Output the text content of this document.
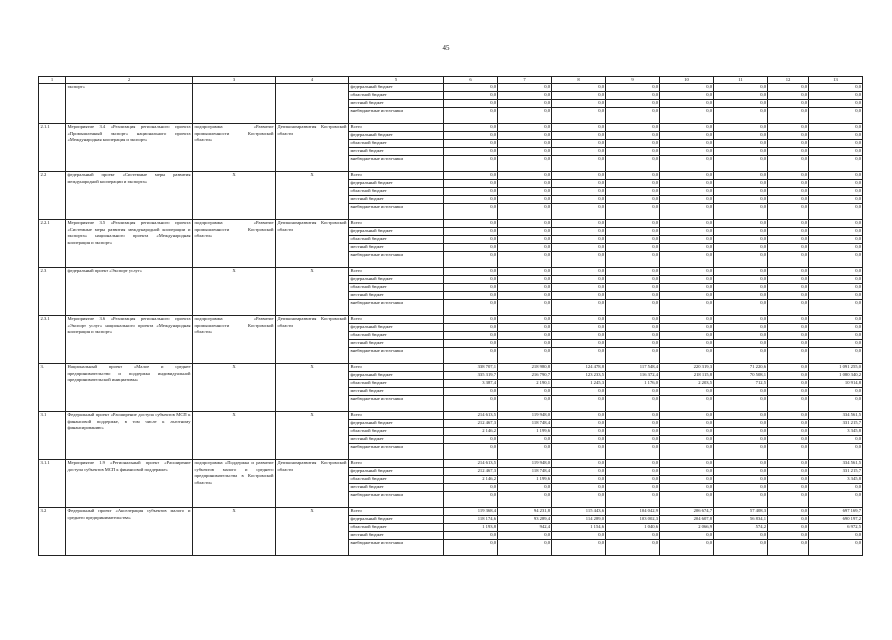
45
1	2	3	4	5	6	7	8	9	10	11	12	13
	экспорт»			федеральный бюджет	0,0	0,0	0,0	0,0	0,0	0,0	0,0	0,0
				областной бюджет	0,0	0,0	0,0	0,0	0,0	0,0	0,0	0,0
				местный бюджет	0,0	0,0	0,0	0,0	0,0	0,0	0,0	0,0
				внебюджетные источ-ники	0,0	0,0	0,0	0,0	0,0	0,0	0,0	0,0
2.1.1	Мероприятие 3.4 «Реализация регионального проекта «Промышленный экспорт» национального проекта «Международная кооперация и экспорт»	подпрограмма «Развитие промышленности Костромской области»	Депэкономразвития Костромской области	Всего	0,0	0,0	0,0	0,0	0,0	0,0	0,0	0,0
				федеральный бюджет	0,0	0,0	0,0	0,0	0,0	0,0	0,0	0,0
				областной бюджет	0,0	0,0	0,0	0,0	0,0	0,0	0,0	0,0
				местный бюджет	0,0	0,0	0,0	0,0	0,0	0,0	0,0	0,0
				внебюджетные источ-ники	0,0	0,0	0,0	0,0	0,0	0,0	0,0	0,0
2.2	федеральный проект «Системные меры развития международной кооперации и экспорта»	X	X	Всего	0,0	0,0	0,0	0,0	0,0	0,0	0,0	0,0
				федеральный бюджет	0,0	0,0	0,0	0,0	0,0	0,0	0,0	0,0
				областной бюджет	0,0	0,0	0,0	0,0	0,0	0,0	0,0	0,0
				местный бюджет	0,0	0,0	0,0	0,0	0,0	0,0	0,0	0,0
				внебюджетные источ-ники	0,0	0,0	0,0	0,0	0,0	0,0	0,0	0,0
2.2.1	Мероприятие 3.5 «Реализация регионального проекта «Системные меры развития международной кооперации и экспорта» национального проекта «Международная кооперация и экспорт»	подпрограмма «Развитие промышленности Костромской области»	Депэкономразвития Костромской области	Всего	0,0	0,0	0,0	0,0	0,0	0,0	0,0	0,0
				федеральный бюджет	0,0	0,0	0,0	0,0	0,0	0,0	0,0	0,0
				областной бюджет	0,0	0,0	0,0	0,0	0,0	0,0	0,0	0,0
				местный бюджет	0,0	0,0	0,0	0,0	0,0	0,0	0,0	0,0
				внебюджетные источ-ники	0,0	0,0	0,0	0,0	0,0	0,0	0,0	0,0
2.3	федеральный проект «Экспорт услуг»	X	X	Всего	0,0	0,0	0,0	0,0	0,0	0,0	0,0	0,0
				федеральный бюджет	0,0	0,0	0,0	0,0	0,0	0,0	0,0	0,0
				областной бюджет	0,0	0,0	0,0	0,0	0,0	0,0	0,0	0,0
				местный бюджет	0,0	0,0	0,0	0,0	0,0	0,0	0,0	0,0
				внебюджетные источ-ники	0,0	0,0	0,0	0,0	0,0	0,0	0,0	0,0
2.3.1	Мероприятие 3.6 «Реализация регионального проекта «Экспорт услуг» национального проекта «Международная кооперация и экспорт»	подпрограмма «Развитие промышленности Костромской области»	Депэкономразвития Костромской области	Всего	0,0	0,0	0,0	0,0	0,0	0,0	0,0	0,0
				федеральный бюджет	0,0	0,0	0,0	0,0	0,0	0,0	0,0	0,0
				областной бюджет	0,0	0,0	0,0	0,0	0,0	0,0	0,0	0,0
				местный бюджет	0,0	0,0	0,0	0,0	0,0	0,0	0,0	0,0
				внебюджетные источ-ники	0,0	0,0	0,0	0,0	0,0	0,0	0,0	0,0
3.	Национальный проект «Малое и среднее предпринимательство и поддержка индивидуальной предпринимательской инициативы»	X	X	Всего	338 707,1	218 980,8	124 478,8	117 548,4	220 319,3	71 220,6	0,0	1 091 255,0
				федеральный бюджет	335 319,7	216 790,7	123 233,5	116 372,4	218 115,8	70 508,1	0,0	1 080 340,2
				областной бюджет	3 387,4	2 190,1	1 245,3	1 176,0	2 203,5	712,5	0,0	10 914,8
				местный бюджет	0,0	0,0	0,0	0,0	0,0	0,0	0,0	0,0
				внебюджетные источ-ники	0,0	0,0	0,0	0,0	0,0	0,0	0,0	0,0
3.1	Федеральный проект «Расширение доступа субъектов МСП к финансовой поддержке, в том числе к льготному финансированию»	X	X	Всего	214 613,5	119 948,0	0,0	0,0	0,0	0,0	0,0	334 561,5
				федеральный бюджет	212 467,3	118 748,4	0,0	0,0	0,0	0,0	0,0	331 215,7
				областной бюджет	2 146,2	1 199,6	0,0	0,0	0,0	0,0	0,0	3 345,8
				местный бюджет	0,0	0,0	0,0	0,0	0,0	0,0	0,0	0,0
				внебюджетные источ-ники	0,0	0,0	0,0	0,0	0,0	0,0	0,0	0,0
3.1.1	Мероприятие 1.9 «Региональный проект «Расширение доступа субъектов МСП к финансовой поддержке»	подпрограмма «Поддержка и развитие субъектов малого и среднего предпринимательства в Костромской области»	Депэкономразвития Костромской области	Всего	214 613,5	119 948,0	0,0	0,0	0,0	0,0	0,0	334 561,5
				федеральный бюджет	212 467,3	118 748,4	0,0	0,0	0,0	0,0	0,0	331 215,7
				областной бюджет	2 146,2	1 199,6	0,0	0,0	0,0	0,0	0,0	3 345,8
				местный бюджет	0,0	0,0	0,0	0,0	0,0	0,0	0,0	0,0
				внебюджетные источ-ники	0,0	0,0	0,0	0,0	0,0	0,0	0,0	0,0
3.2	Федеральный проект «Акселерация субъектов малого и среднего предпринимательства»	X	X	Всего	119 368,4	94 231,8	115 443,6	104 042,9	206 674,7	57 408,3	0,0	697 169,7
				федеральный бюджет	118 174,6	93 289,4	114 289,0	103 002,3	204 607,8	56 834,1	0,0	690 197,2
				областной бюджет	1 193,8	942,4	1 154,6	1 040,6	2 066,9	574,2	0,0	6 972,5
				местный бюджет	0,0	0,0	0,0	0,0	0,0	0,0	0,0	0,0
				внебюджетные источ-ники	0,0	0,0	0,0	0,0	0,0	0,0	0,0	0,0
